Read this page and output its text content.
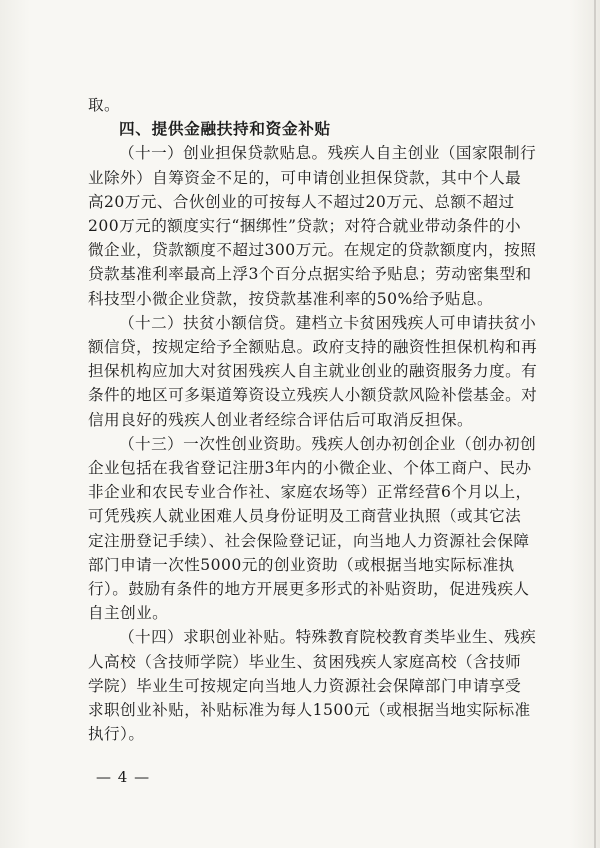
取。

四、提供金融扶持和资金补贴

（十一）创业担保贷款贴息。残疾人自主创业（国家限制行

业除外）自筹资金不足的，可申请创业担保贷款，其中个人最

高20万元、合伙创业的可按每人不超过20万元、总额不超过

200万元的额度实行“捆绑性”贷款；对符合就业带动条件的小

微企业，贷款额度不超过300万元。在规定的贷款额度内，按照

贷款基准利率最高上浮3个百分点据实给予贴息；劳动密集型和

科技型小微企业贷款，按贷款基准利率的50%给予贴息。

（十二）扶贫小额信贷。建档立卡贫困残疾人可申请扶贫小

额信贷，按规定给予全额贴息。政府支持的融资性担保机构和再

担保机构应加大对贫困残疾人自主就业创业的融资服务力度。有

条件的地区可多渠道筹资设立残疾人小额贷款风险补偿基金。对

信用良好的残疾人创业者经综合评估后可取消反担保。

（十三）一次性创业资助。残疾人创办初创企业（创办初创

企业包括在我省登记注册3年内的小微企业、个体工商户、民办

非企业和农民专业合作社、家庭农场等）正常经营6个月以上，

可凭残疾人就业困难人员身份证明及工商营业执照（或其它法

定注册登记手续）、社会保险登记证，向当地人力资源社会保障

部门申请一次性5000元的创业资助（或根据当地实际标准执

行）。鼓励有条件的地方开展更多形式的补贴资助，促进残疾人

自主创业。

（十四）求职创业补贴。特殊教育院校教育类毕业生、残疾

人高校（含技师学院）毕业生、贫困残疾人家庭高校（含技师

学院）毕业生可按规定向当地人力资源社会保障部门申请享受

求职创业补贴，补贴标准为每人1500元（或根据当地实际标准

执行）。

— 4 —
